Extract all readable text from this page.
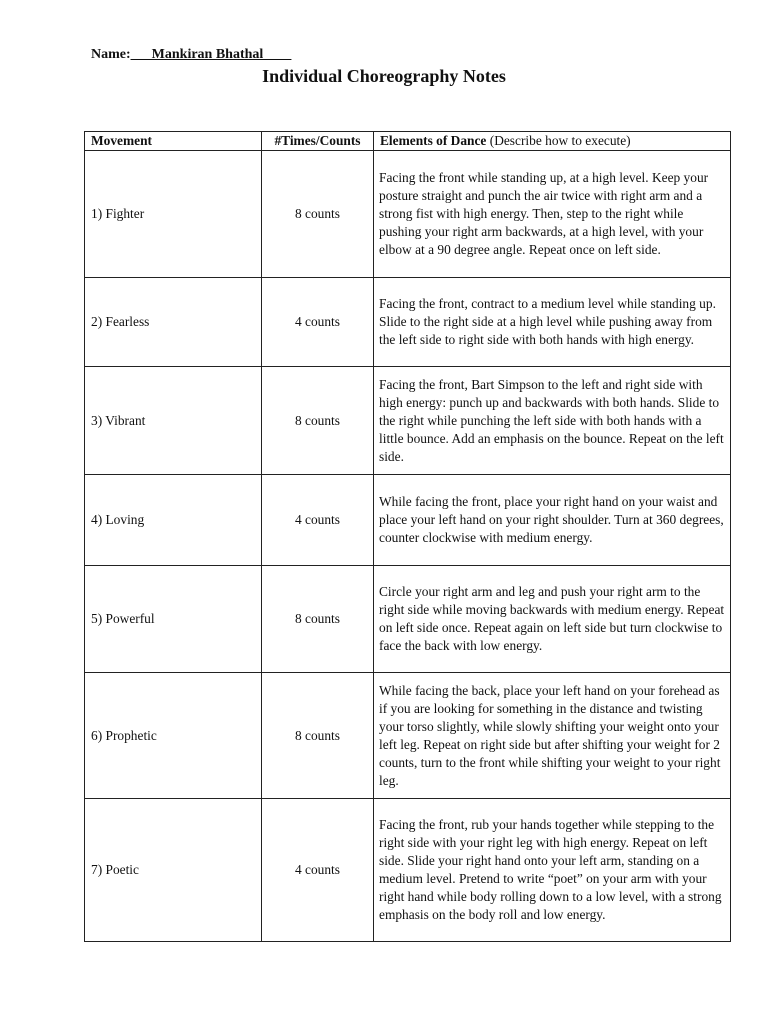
Name:___Mankiran Bhathal____
Individual Choreography Notes
Movement	#Times/Counts	Elements of Dance (Describe how to execute)
1) Fighter	8 counts	Facing the front while standing up, at a high level. Keep your posture straight and punch the air twice with right arm and a strong fist with high energy. Then, step to the right while pushing your right arm backwards, at a high level, with your elbow at a 90 degree angle. Repeat once on left side.
2) Fearless	4 counts	Facing the front, contract to a medium level while standing up. Slide to the right side at a high level while pushing away from the left side to right side with both hands with high energy.
3) Vibrant	8 counts	Facing the front, Bart Simpson to the left and right side with high energy: punch up and backwards with both hands. Slide to the right while punching the left side with both hands with a little bounce. Add an emphasis on the bounce. Repeat on the left side.
4) Loving	4 counts	While facing the front, place your right hand on your waist and place your left hand on your right shoulder. Turn at 360 degrees, counter clockwise with medium energy.
5) Powerful	8 counts	Circle your right arm and leg and push your right arm to the right side while moving backwards with medium energy. Repeat on left side once. Repeat again on left side but turn clockwise to face the back with low energy.
6) Prophetic	8 counts	While facing the back, place your left hand on your forehead as if you are looking for something in the distance and twisting your torso slightly, while slowly shifting your weight onto your left leg. Repeat on right side but after shifting your weight for 2 counts, turn to the front while shifting your weight to your right leg.
7) Poetic	4 counts	Facing the front, rub your hands together while stepping to the right side with your right leg with high energy. Repeat on left side. Slide your right hand onto your left arm, standing on a medium level. Pretend to write “poet” on your arm with your right hand while body rolling down to a low level, with a strong emphasis on the body roll and low energy.
